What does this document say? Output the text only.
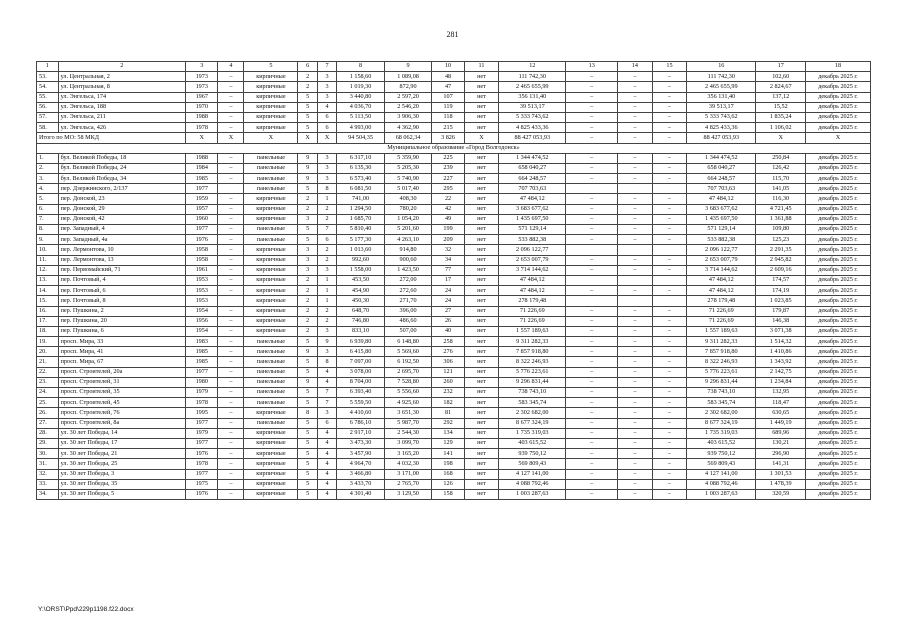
281
1	2	3	4	5	6	7	8	9	10	11	12	13	14	15	16	17	18
53.	ул. Центральная, 2	1973	–	кирпичные	2	3	1 158,60	1 089,08	48	нет	111 742,30	–	–	–	111 742,30	102,60	декабрь 2025 г.
54.	ул. Центральная, 8	1973	–	кирпичные	2	3	1 019,30	872,90	47	нет	2 465 655,99	–	–	–	2 465 655,99	2 824,67	декабрь 2025 г.
55.	ул. Энгельса, 174	1967	–	кирпичные	5	3	3 440,80	2 597,20	107	нет	356 131,40	–	–	–	356 131,40	137,12	декабрь 2025 г.
56.	ул. Энгельса, 188	1970	–	кирпичные	5	4	4 036,70	2 546,20	119	нет	39 513,17	–	–	–	39 513,17	15,52	декабрь 2025 г.
57.	ул. Энгельса, 211	1988	–	кирпичные	5	6	5 113,50	3 906,30	118	нет	5 333 743,62	–	–	–	5 333 743,62	1 835,24	декабрь 2025 г.
58.	ул. Энгельса, 426	1978	–	кирпичные	5	6	4 993,00	4 362,90	215	нет	4 825 433,36	–	–	–	4 825 433,36	1 106,02	декабрь 2025 г.
Итого по МО: 58 МКД		Х	Х	Х	Х	Х	94 504,35	68 062,34	3 826	Х	88 427 053,93	–	–	–	88 427 053,93	Х	Х
Муниципальное образование «Город Волгодонск»																	
1.	бул. Великой Победы, 18	1988	–	панельные	9	3	6 317,10	5 359,90	225	нет	1 344 474,52	–	–	–	1 344 474,52	250,84	декабрь 2025 г.
2.	бул. Великой Победы, 24	1984	–	панельные	9	3	6 135,30	5 205,30	239	нет	658 040,27	–	–	–	658 040,27	126,42	декабрь 2025 г.
3.	бул. Великой Победы, 34	1985	–	панельные	9	3	6 573,40	5 740,90	227	нет	664 248,57	–	–	–	664 248,57	115,70	декабрь 2025 г.
4.	пер. Дзержинского, 2/137	1977		панельные	5	8	6 081,50	5 017,40	295	нет	707 703,63				707 703,63	141,05	декабрь 2025 г.
5.	пер. Донской, 23	1959	–	кирпичные	2	1	741,00	408,30	22	нет	47 484,12	–	–	–	47 484,12	116,30	декабрь 2025 г.
6.	пер. Донской, 29	1957	–	кирпичные	2	2	1 294,50	780,20	42	нет	3 683 677,62	–	–	–	3 683 677,62	4 721,45	декабрь 2025 г.
7.	пер. Донской, 42	1960	–	кирпичные	3	2	1 685,70	1 054,20	49	нет	1 435 697,50	–	–	–	1 435 697,50	1 361,88	декабрь 2025 г.
8.	пер. Западный, 4	1977	–	панельные	5	7	5 810,40	5 201,60	199	нет	571 129,14	–	–	–	571 129,14	109,80	декабрь 2025 г.
9.	пер. Западный, 4а	1976	–	панельные	5	6	5 177,30	4 263,10	209	нет	533 882,38	–	–	–	533 882,38	125,23	декабрь 2025 г.
10.	пер. Лермонтова, 10	1958	–	кирпичные	3	2	1 013,60	914,80	32	нет	2 096 122,77				2 096 122,77	2 291,35	декабрь 2025 г.
11.	пер. Лермонтова, 13	1958	–	кирпичные	3	2	992,60	900,60	34	нет	2 653 007,79	–	–	–	2 653 007,79	2 945,82	декабрь 2025 г.
12.	пер. Первомайский, 71	1961	–	кирпичные	3	3	1 558,00	1 423,50	77	нет	3 714 144,62	–	–	–	3 714 144,62	2 609,16	декабрь 2025 г.
13.	пер. Почтовый, 4	1953	–	кирпичные	2	1	453,50	272,00	17	нет	47 484,12				47 484,12	174,57	декабрь 2025 г.
14.	пер. Почтовый, 6	1953	–	кирпичные	2	1	454,90	272,60	24	нет	47 484,12	–	–	–	47 484,12	174,19	декабрь 2025 г.
15.	пер. Почтовый, 8	1953		кирпичные	2	1	450,30	271,70	24	нет	278 179,48				278 179,48	1 023,85	декабрь 2025 г.
16.	пер. Пушкина, 2	1954	–	кирпичные	2	2	648,70	396,00	27	нет	71 226,69	–	–	–	71 226,69	179,87	декабрь 2025 г.
17.	пер. Пушкина, 20	1956	–	кирпичные	2	2	746,80	486,60	26	нет	71 226,69	–	–	–	71 226,69	146,38	декабрь 2025 г.
18.	пер. Пушкина, 6	1954	–	кирпичные	2	3	833,10	507,00	40	нет	1 557 189,63	–	–	–	1 557 189,63	3 071,38	декабрь 2025 г.
19.	просп. Мира, 33	1983	–	панельные	5	9	6 939,80	6 148,80	258	нет	9 311 282,33	–	–	–	9 311 282,33	1 514,32	декабрь 2025 г.
20.	просп. Мира, 41	1985	–	панельные	9	3	6 415,80	5 569,60	276	нет	7 857 918,80	–	–	–	7 857 918,80	1 410,86	декабрь 2025 г.
21.	просп. Мира, 67	1985	–	панельные	5	8	7 097,00	6 192,50	306	нет	8 322 246,93	–	–	–	8 322 246,93	1 343,92	декабрь 2025 г.
22.	просп. Строителей, 20а	1977	–	панельные	5	4	3 078,00	2 695,70	121	нет	5 776 223,61	–	–	–	5 776 223,61	2 142,75	декабрь 2025 г.
23.	просп. Строителей, 31	1980	–	панельные	9	4	8 704,00	7 528,80	260	нет	9 296 831,44	–	–	–	9 296 831,44	1 234,84	декабрь 2025 г.
24.	просп. Строителей, 35	1979	–	панельные	5	7	6 393,40	5 556,60	232	нет	738 743,10	–	–	–	738 743,10	132,95	декабрь 2025 г.
25.	просп. Строителей, 45	1978	–	панельные	5	7	5 559,50	4 925,60	182	нет	583 345,74	–	–	–	583 345,74	118,47	декабрь 2025 г.
26.	просп. Строителей, 76	1995	–	кирпичные	8	3	4 410,60	3 651,30	81	нет	2 302 682,00	–	–	–	2 302 682,00	630,65	декабрь 2025 г.
27.	просп. Строителей, 8а	1977	–	панельные	5	6	6 786,10	5 987,70	292	нет	8 677 324,19	–	–	–	8 677 324,19	1 449,19	декабрь 2025 г.
28.	ул. 30 лет Победы, 14	1979	–	кирпичные	5	4	2 917,10	2 544,30	134	нет	1 735 319,03	–	–	–	1 735 319,03	689,96	декабрь 2025 г.
29.	ул. 30 лет Победы, 17	1977	–	кирпичные	5	4	3 473,30	3 099,70	129	нет	403 615,52	–	–	–	403 615,52	130,21	декабрь 2025 г.
30.	ул. 30 лет Победы, 21	1976	–	кирпичные	5	4	3 457,90	3 165,20	141	нет	939 750,12	–	–	–	939 750,12	296,90	декабрь 2025 г.
31.	ул. 30 лет Победы, 25	1978	–	кирпичные	5	4	4 964,70	4 032,30	198	нет	569 809,43	–	–	–	569 809,43	141,31	декабрь 2025 г.
32.	ул. 30 лет Победы, 3	1977	–	кирпичные	5	4	3 466,80	3 171,00	168	нет	4 127 141,00	–	–	–	4 127 141,00	1 301,53	декабрь 2025 г.
33.	ул. 30 лет Победы, 35	1975	–	кирпичные	5	4	3 433,70	2 765,70	126	нет	4 088 792,46	–	–	–	4 088 792,46	1 478,39	декабрь 2025 г.
34.	ул. 30 лет Победы, 5	1976	–	кирпичные	5	4	4 301,40	3 129,50	158	нет	1 003 287,63	–	–	–	1 003 287,63	320,59	декабрь 2025 г.
Y:\ORST\Ppd\229p1198.f22.docx
